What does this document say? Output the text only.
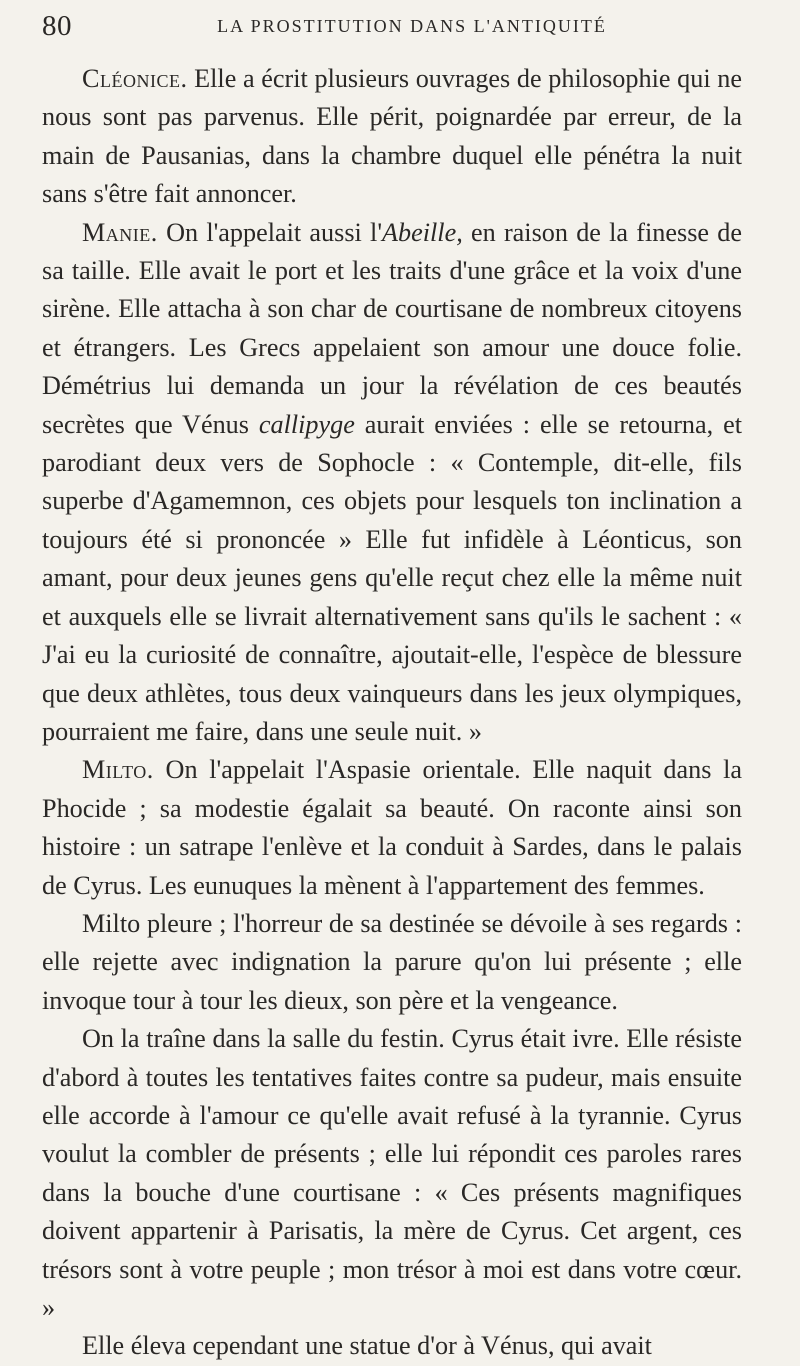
80	LA PROSTITUTION DANS L'ANTIQUITÉ

Cléonice. Elle a écrit plusieurs ouvrages de philosophie qui ne nous sont pas parvenus. Elle périt, poignardée par erreur, de la main de Pausanias, dans la chambre duquel elle pénétra la nuit sans s'être fait annoncer.

Manie. On l'appelait aussi l'Abeille, en raison de la finesse de sa taille. Elle avait le port et les traits d'une grâce et la voix d'une sirène. Elle attacha à son char de courtisane de nombreux citoyens et étrangers. Les Grecs appelaient son amour une douce folie. Démétrius lui demanda un jour la révélation de ces beautés secrètes que Vénus callipyge aurait enviées : elle se retourna, et parodiant deux vers de Sophocle : « Contemple, dit-elle, fils superbe d'Agamemnon, ces objets pour lesquels ton inclination a toujours été si prononcée » Elle fut infidèle à Léonticus, son amant, pour deux jeunes gens qu'elle reçut chez elle la même nuit et auxquels elle se livrait alternativement sans qu'ils le sachent : « J'ai eu la curiosité de connaître, ajoutait-elle, l'espèce de blessure que deux athlètes, tous deux vainqueurs dans les jeux olympiques, pourraient me faire, dans une seule nuit. »

Milto. On l'appelait l'Aspasie orientale. Elle naquit dans la Phocide ; sa modestie égalait sa beauté. On raconte ainsi son histoire : un satrape l'enlève et la conduit à Sardes, dans le palais de Cyrus. Les eunuques la mènent à l'appartement des femmes.

Milto pleure ; l'horreur de sa destinée se dévoile à ses regards : elle rejette avec indignation la parure qu'on lui présente ; elle invoque tour à tour les dieux, son père et la vengeance.

On la traîne dans la salle du festin. Cyrus était ivre. Elle résiste d'abord à toutes les tentatives faites contre sa pudeur, mais ensuite elle accorde à l'amour ce qu'elle avait refusé à la tyrannie. Cyrus voulut la combler de présents ; elle lui répondit ces paroles rares dans la bouche d'une courtisane : « Ces présents magnifiques doivent appartenir à Parisatis, la mère de Cyrus. Cet argent, ces trésors sont à votre peuple ; mon trésor à moi est dans votre cœur. »

Elle éleva cependant une statue d'or à Vénus, qui avait
